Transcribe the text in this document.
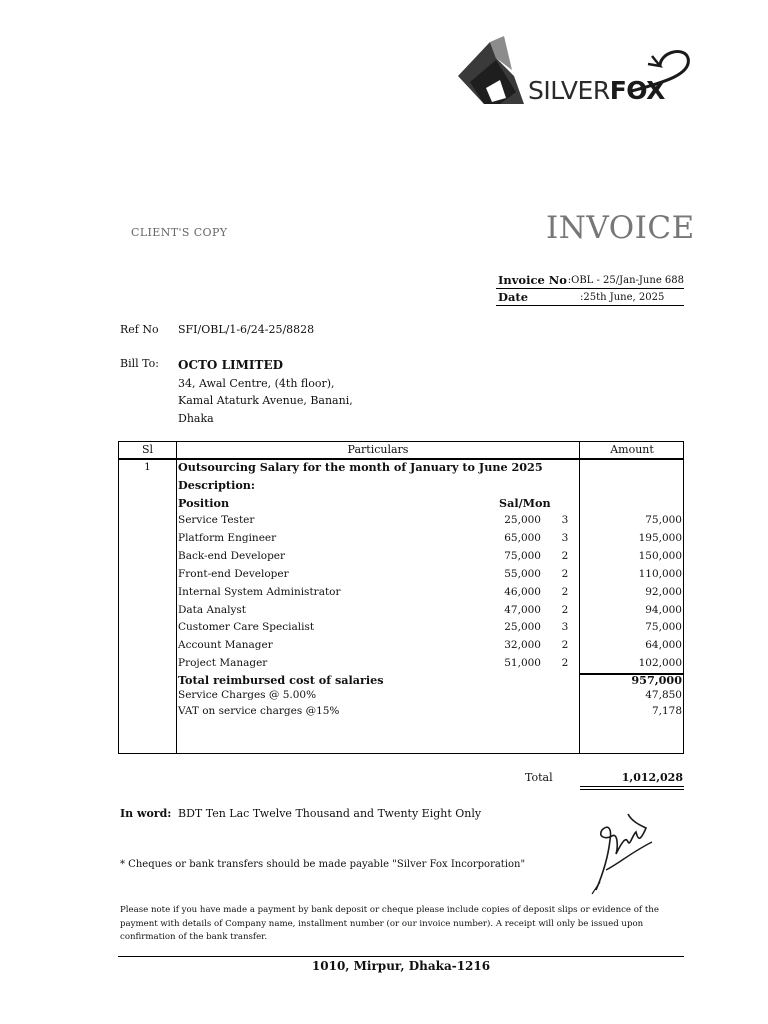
SILVERFOX
CLIENT'S COPY	INVOICE
Invoice No :OBL - 25/Jan-June 688
Date	:25th June, 2025
Ref No	SFI/OBL/1-6/24-25/8828
Bill To:	OCTO LIMITED
34, Awal Centre, (4th floor),
Kamal Ataturk Avenue, Banani,
Dhaka
Sl	Particulars	Amount
1	Outsourcing Salary for the month of January to June 2025
Description:
Position	Sal/Mon
Service Tester	25,000 3	75,000
Platform Engineer	65,000 3	195,000
Back-end Developer	75,000 2	150,000
Front-end Developer	55,000 2	110,000
Internal System Administrator	46,000 2	92,000
Data Analyst	47,000 2	94,000
Customer Care Specialist	25,000 3	75,000
Account Manager	32,000 2	64,000
Project Manager	51,000 2	102,000
Total reimbursed cost of salaries	957,000
Service Charges @ 5.00%	47,850
VAT on service charges @15%	7,178
Total	1,012,028
In word: BDT Ten Lac Twelve Thousand and Twenty Eight Only
* Cheques or bank transfers should be made payable "Silver Fox Incorporation"
Please note if you have made a payment by bank deposit or cheque please include copies of deposit slips or evidence of the payment with details of Company name, installment number (or our invoice number). A receipt will only be issued upon confirmation of the bank transfer.
1010, Mirpur, Dhaka-1216
